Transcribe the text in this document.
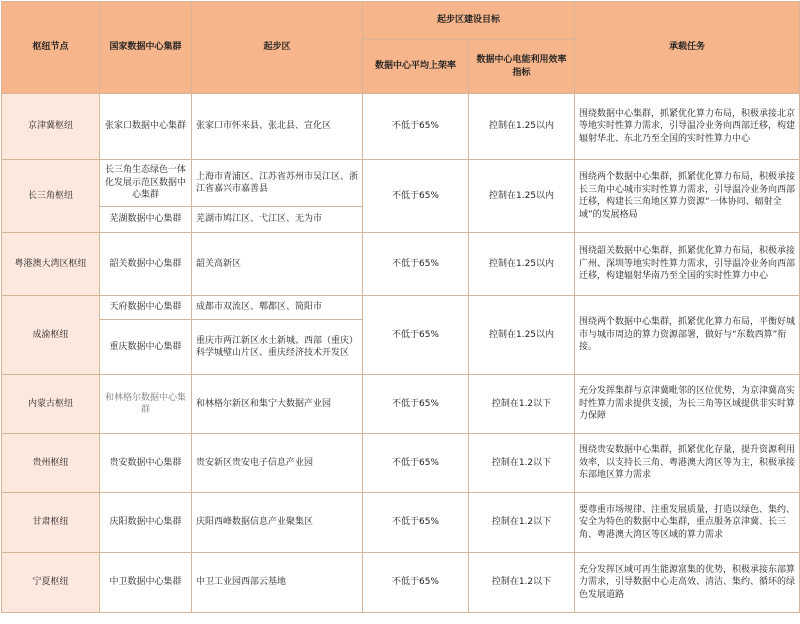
枢纽节点	国家数据中心集群	起步区	起步区建设目标		承载任务
			数据中心平均上架率	数据中心电能利用效率指标	
京津冀枢纽	张家口数据中心集群	张家口市怀来县、张北县、宣化区	不低于65%	控制在1.25以内	围绕数据中心集群，抓紧优化算力布局，积极承接北京等地实时性算力需求，引导温冷业务向西部迁移，构建辐射华北、东北乃至全国的实时性算力中心
长三角枢纽	长三角生态绿色一体化发展示范区数据中心集群	上海市青浦区、江苏省苏州市吴江区、浙江省嘉兴市嘉善县	不低于65%	控制在1.25以内	围绕两个数据中心集群，抓紧优化算力布局，积极承接长三角中心城市实时性算力需求，引导温冷业务向西部迁移，构建长三角地区算力资源“一体协同、辐射全域”的发展格局
	芜湖数据中心集群	芜湖市鸠江区、弋江区、无为市			
粤港澳大湾区枢纽	韶关数据中心集群	韶关高新区	不低于65%	控制在1.25以内	围绕韶关数据中心集群，抓紧优化算力布局，积极承接广州、深圳等地实时性算力需求，引导温冷业务向西部迁移，构建辐射华南乃至全国的实时性算力中心
成渝枢纽	天府数据中心集群	成都市双流区、郫都区、简阳市	不低于65%	控制在1.25以内	围绕两个数据中心集群，抓紧优化算力布局，平衡好城市与城市周边的算力资源部署，做好与“东数西算”衔接。
	重庆数据中心集群	重庆市两江新区水土新城、西部（重庆）科学城璧山片区、重庆经济技术开发区			
内蒙古枢纽	和林格尔数据中心集群	和林格尔新区和集宁大数据产业园	不低于65%	控制在1.2以下	充分发挥集群与京津冀毗邻的区位优势，为京津冀高实时性算力需求提供支援，为长三角等区域提供非实时算力保障
贵州枢纽	贵安数据中心集群	贵安新区贵安电子信息产业园	不低于65%	控制在1.2以下	围绕贵安数据中心集群，抓紧优化存量，提升资源利用效率，以支持长三角、粤港澳大湾区等为主，积极承接东部地区算力需求
甘肃枢纽	庆阳数据中心集群	庆阳西峰数据信息产业聚集区	不低于65%	控制在1.2以下	要尊重市场规律、注重发展质量，打造以绿色、集约、安全为特色的数据中心集群，重点服务京津冀、长三角、粤港澳大湾区等区域的算力需求
宁夏枢纽	中卫数据中心集群	中卫工业园西部云基地	不低于65%	控制在1.2以下	充分发挥区域可再生能源富集的优势，积极承接东部算力需求，引导数据中心走高效、清洁、集约、循环的绿色发展道路
